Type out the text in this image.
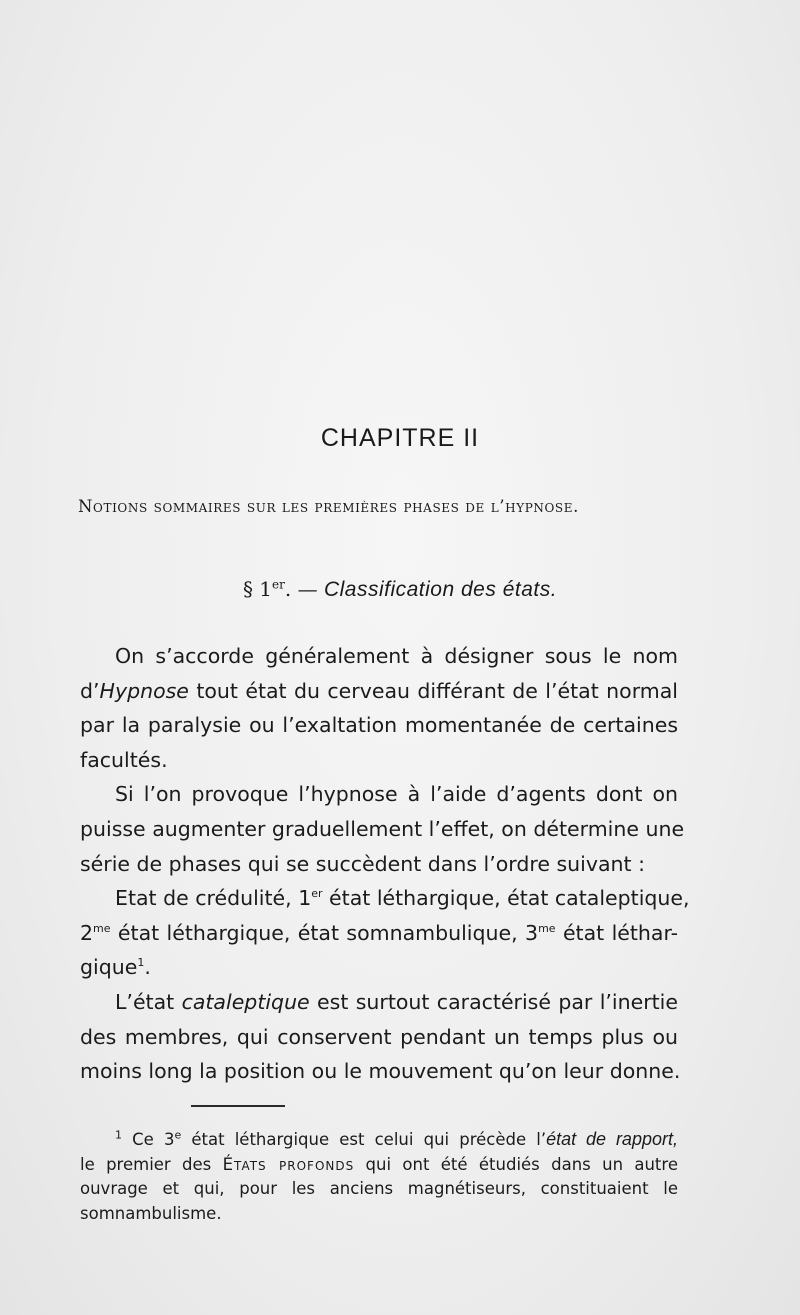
CHAPITRE II
Notions sommaires sur les premières phases de l’hypnose.
§ 1er. — Classification des états.
On s’accorde généralement à désigner sous le nom
d’Hypnose tout état du cerveau différant de l’état normal
par la paralysie ou l’exaltation momentanée de certaines
facultés.
Si l’on provoque l’hypnose à l’aide d’agents dont on
puisse augmenter graduellement l’effet, on détermine une
série de phases qui se succèdent dans l’ordre suivant :
Etat de crédulité, 1er état léthargique, état cataleptique,
$2^{me}$ état léthargique, état somnambulique, $3^{me}$ état léthar-
gique$^1$.
L’état cataleptique est surtout caractérisé par l’inertie
des membres, qui conservent pendant un temps plus ou
moins long la position ou le mouvement qu’on leur donne.
$^1$ Ce 3e état léthargique est celui qui précède l’état de rapport,
le premier des États profonds qui ont été étudiés dans un autre
ouvrage et qui, pour les anciens magnétiseurs, constituaient le
somnambulisme.
